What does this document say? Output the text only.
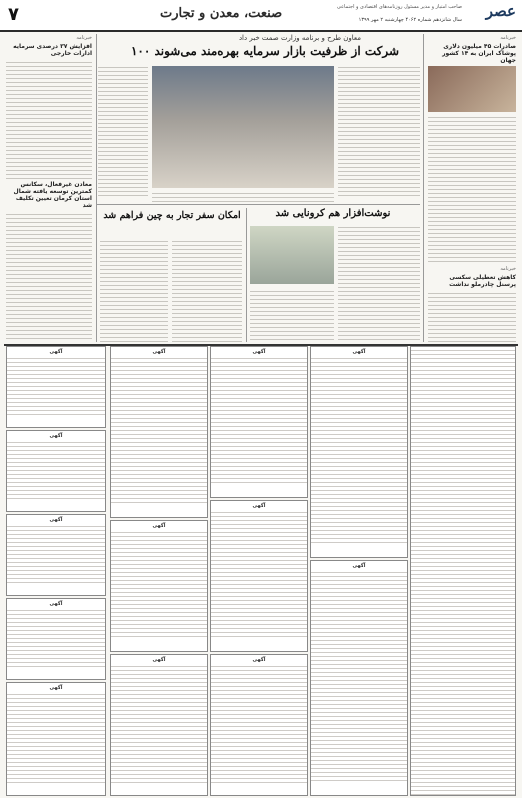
عصر
صاحب امتیاز و مدیر مسئول روزنامه‌های اقتصادی و اجتماعی
سال شانزدهم شماره ۴۰۶۲ چهارشنبه ۲ مهر ۱۳۹۹
صنعت، معدن و تجارت
۷
خبرنامه
صادرات ۴۵ میلیون دلاری پوشاک ایران به ۱۴ کشور جهان
خبرنامه
کاهش تعطیلی سکسی پرسنل چادرملو نداشت
معاون طرح و برنامه وزارت صمت خبر داد
۱۰۰ شرکت از ظرفیت بازار سرمایه بهره‌مند می‌شوند
نوشت‌افزار هم کرونایی شد
امکان سفر تجار به چین فراهم شد
خبرنامه
افزایش ۳۷ درصدی سرمایه ادارات خارجی
معادن غیرفعال، سکانس کمترین توسعه یافته شمال استان کرمان تعیین تکلیف شد
آگهی
آگهی
آگهی
آگهی
آگهی
آگهی
آگهی
آگهی
آگهی
آگهی
آگهی
آگهی
آگهی
